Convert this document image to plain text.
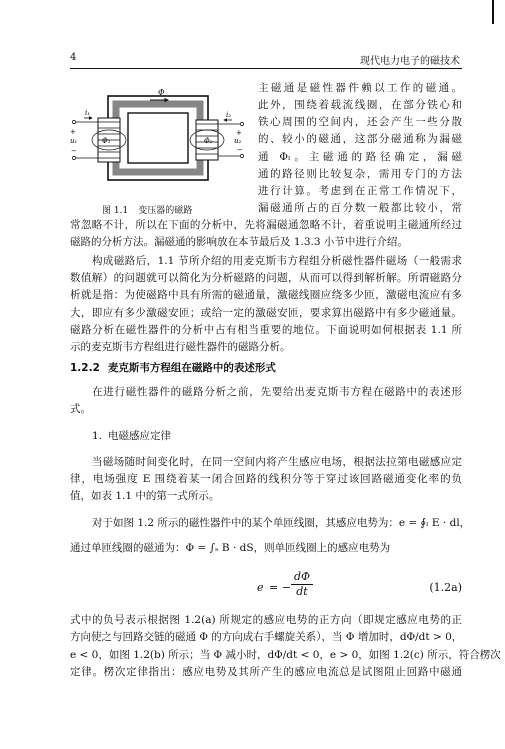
4	现代电力电子的磁技术
Φ
i₁	i₂
+
u₁
−
+
u₂
−
Φ₁	Φ₂
图 1.1 变压器的磁路
主磁通是磁性器件赖以工作的磁通。
此外，围绕着载流线圈，在部分铁心和
铁心周围的空间内，还会产生一些分散
的、较小的磁通，这部分磁通称为漏磁
通 Φₗ。主磁通的路径确定，漏磁
通的路径则比较复杂，需用专门的方法
进行计算。考虑到在正常工作情况下，
漏磁通所占的百分数一般都比较小，常
常忽略不计，所以在下面的分析中，先将漏磁通忽略不计，着重说明主磁通所经过
磁路的分析方法。漏磁通的影响放在本节最后及 1.3.3 小节中进行介绍。
构成磁路后，1.1 节所介绍的用麦克斯韦方程组分析磁性器件磁场（一般需求
数值解）的问题就可以简化为分析磁路的问题，从而可以得到解析解。所谓磁路分
析就是指：为使磁路中具有所需的磁通量，激磁线圈应绕多少匝，激磁电流应有多
大，即应有多少激磁安匝；或给一定的激磁安匝，要求算出磁路中有多少磁通量。
磁路分析在磁性器件的分析中占有相当重要的地位。下面说明如何根据表 1.1 所
示的麦克斯韦方程组进行磁性器件的磁路分析。
1.2.2 麦克斯韦方程组在磁路中的表述形式
在进行磁性器件的磁路分析之前，先要给出麦克斯韦方程在磁路中的表述形
式。
1. 电磁感应定律
当磁场随时间变化时，在同一空间内将产生感应电场，根据法拉第电磁感应定
律，电场强度 E 围绕着某一闭合回路的线积分等于穿过该回路磁通变化率的负
值，如表 1.1 中的第一式所示。
对于如图 1.2 所示的磁性器件中的某个单匝线圈，其感应电势为：e = ∮ₗ E · dl，
通过单匝线圈的磁通为：Φ = ∫ₛ B · dS，则单匝线圈上的感应电势为
e = − $\frac{d\Phi}{dt}$	(1.2a)
式中的负号表示根据图 1.2(a) 所规定的感应电势的正方向（即规定感应电势的正
方向使之与回路交链的磁通 Φ 的方向成右手螺旋关系），当 Φ 增加时，dΦ/dt > 0，
e < 0，如图 1.2(b) 所示；当 Φ 减小时，dΦ/dt < 0，e > 0，如图 1.2(c) 所示，符合楞次
定律。楞次定律指出：感应电势及其所产生的感应电流总是试图阻止回路中磁通
